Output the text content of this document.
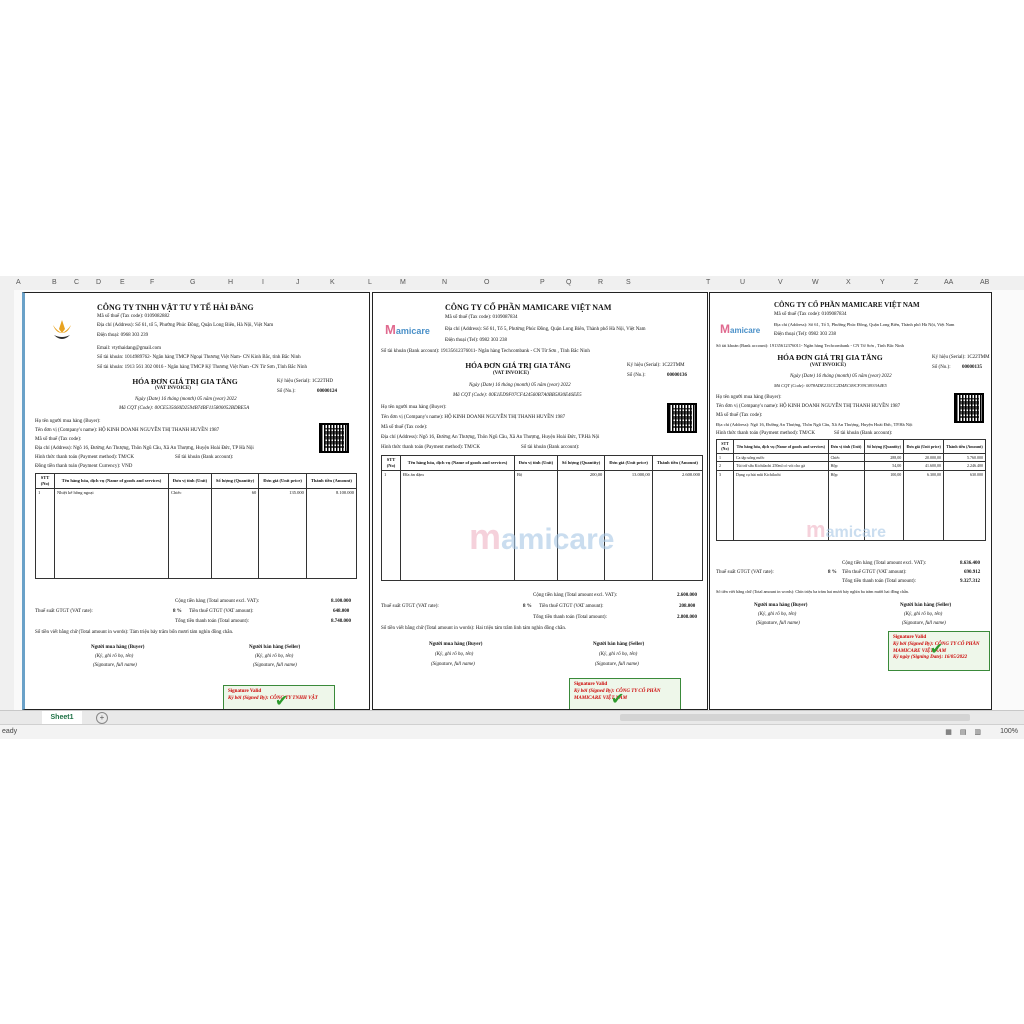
A	B C D	E	F	G	H	I	J	K	L	M	N	O	P	Q	R	S	T	U	V	W	X	Y	Z	AA	AB
CÔNG TY TNHH VẬT TƯ Y TẾ HẢI ĐĂNG
Mã số thuế (Tax code): 0109082882
Địa chỉ (Address): Số 61, tổ 5, Phường Phúc Đồng, Quận Long Biên, Hà Nội, Việt Nam
Điện thoại: 0968 303 239
Email: vtythaidang@gmail.com
Số tài khoản: 1014989762- Ngân hàng TMCP Ngoại Thương Việt Nam- CN Kinh Bắc, tỉnh Bắc Ninh
Số tài khoản: 1913 561 302 0016 - Ngân hàng TMCP Kỹ Thương Việt Nam -CN Từ Sơn ,Tỉnh Bắc Ninh
HÓA ĐƠN GIÁ TRỊ GIA TĂNG
(VAT INVOICE)
Ký hiệu (Serial): 1C22THD
Số (No.):	00000124
Ngày (Date) 16 tháng (month) 05 năm (year) 2022
Mã CQT (Code): 00CE535660D2594B74BF115800052BDBE5A
Họ tên người mua hàng (Buyer):
Tên đơn vị (Company's name): HỘ KINH DOANH NGUYỄN THỊ THANH HUYỀN 1987
Mã số thuế (Tax code):
Địa chỉ (Address): Ngõ 16, Đường An Thượng, Thôn Ngũ Cầu, Xã An Thượng, Huyện Hoài Đức, TP Hà Nội
Hình thức thanh toán (Payment method): TM/CK	Số tài khoản (Bank account):
Đồng tiền thanh toán (Payment Currency): VND
STT (No)	Tên hàng hóa, dịch vụ (Name of goods and services)	Đơn vị tính (Unit)	Số lượng (Quantity)	Đơn giá (Unit price)	Thành tiền (Amount)
1	Nhiệt kế hồng ngoại	Chiếc	60	135.000	8.100.000
Cộng tiền hàng (Total amount excl. VAT):	8.100.000
Thuế suất GTGT (VAT rate):	8 % Tiền thuế GTGT (VAT amount):	648.000
Tổng tiền thanh toán (Total amount):	8.748.000
Số tiền viết bằng chữ (Total amount in words): Tám triệu bảy trăm bốn mươi tám nghìn đồng chẵn.
Người mua hàng (Buyer)
(Ký, ghi rõ họ, tên)
(Signature, full name)
Người bán hàng (Seller)
(Ký, ghi rõ họ, tên)
(Signature, full name)
Signature Valid
Ký bởi (Signed By): CÔNG TY TNHH VẬT
✔
Mamicare
CÔNG TY CỔ PHẦN MAMICARE VIỆT NAM
Mã số thuế (Tax code): 0109087834
Địa chỉ (Address): Số 61, Tổ 5, Phường Phúc Đồng, Quận Long Biên, Thành phố Hà Nội, Việt Nam
Điện thoại (Tel): 0982 303 238
Số tài khoản (Bank account): 19135612376011- Ngân hàng Techcombank - CN Từ Sơn , Tỉnh Bắc Ninh
HÓA ĐƠN GIÁ TRỊ GIA TĂNG
(VAT INVOICE)
Ký hiệu (Serial): 1C22TMM
Số (No.):	00000136
Ngày (Date) 16 tháng (month) 05 năm (year) 2022
Mã CQT (Code): 00E1ED9F07CF424560B7A0BB5830E46EE5
Họ tên người mua hàng (Buyer):
Tên đơn vị (Company's name): HỘ KINH DOANH NGUYỄN THỊ THANH HUYỀN 1987
Mã số thuế (Tax code):
Địa chỉ (Address): Ngõ 16, Đường An Thượng, Thôn Ngũ Cầu, Xã An Thượng, Huyện Hoài Đức, TP.Hà Nội
Hình thức thanh toán (Payment method): TM/CK	Số tài khoản (Bank account):
STT (No)	Tên hàng hóa, dịch vụ (Name of goods and services)	Đơn vị tính (Unit)	Số lượng (Quantity)	Đơn giá (Unit price)	Thành tiền (Amount)
1	Đĩa ăn dặm	Bộ	200,00	13.000,00	2.600.000
mamicare
Cộng tiền hàng (Total amount excl. VAT):	2.600.000
Thuế suất GTGT (VAT rate):	8 % Tiền thuế GTGT (VAT amount):	208.000
Tổng tiền thanh toán (Total amount):	2.808.000
Số tiền viết bằng chữ (Total amount in words): Hai triệu tám trăm linh tám nghìn đồng chẵn.
Người mua hàng (Buyer)
(Ký, ghi rõ họ, tên)
(Signature, full name)
Người bán hàng (Seller)
(Ký, ghi rõ họ, tên)
(Signature, full name)
Signature Valid
Ký bởi (Signed By): CÔNG TY CỔ PHẦN MAMICARE VIỆT NAM
✔
Mamicare
CÔNG TY CỔ PHẦN MAMICARE VIỆT NAM
Mã số thuế (Tax code): 0109087834
Địa chỉ (Address): Số 61, Tổ 5, Phường Phúc Đồng, Quận Long Biên, Thành phố Hà Nội, Việt Nam
Điện thoại (Tel): 0982 303 238
Số tài khoản (Bank account): 19135612376011- Ngân hàng Techcombank - CN Từ Sơn , Tỉnh Bắc Ninh
HÓA ĐƠN GIÁ TRỊ GIA TĂNG
(VAT INVOICE)
Ký hiệu (Serial): 1C22TMM
Số (No.): 00000135
Ngày (Date) 16 tháng (month) 05 năm (year) 2022
Mã CQT (Code): 0078ADE215CC2D4EC09CF39C0933A4E5
Họ tên người mua hàng (Buyer):
Tên đơn vị (Company's name): HỘ KINH DOANH NGUYỄN THỊ THANH HUYỀN 1987
Mã số thuế (Tax code):
Địa chỉ (Address): Ngõ 16, Đường An Thượng, Thôn Ngũ Cầu, Xã An Thượng, Huyện Hoài Đức, TP.Hà Nội
Hình thức thanh toán (Payment method): TM/CK	Số tài khoản (Bank account):
STT (No)	Tên hàng hóa, dịch vụ (Name of goods and services)	Đơn vị tính (Unit)	Số lượng (Quantity)	Đơn giá (Unit price)	Thành tiền (Amount)
1	Ca tập uống nước	Chiếc	288,00	20.000,00	5.760.000
2	Túi trữ sữa Kichilachi 250ml có vòi cho gà	Hộp	54,00	41.600,00	2.246.400
3	Dụng cụ hút mũi Kichilachi	Hộp	100,00	6.300,00	630.000
mamicare
Cộng tiền hàng (Total amount excl. VAT):	8.636.400
Thuế suất GTGT (VAT rate):	8 % Tiền thuế GTGT (VAT amount):	690.912
Tổng tiền thanh toán (Total amount):	9.327.312
Số tiền viết bằng chữ (Total amount in words): Chín triệu ba trăm hai mươi bảy nghìn ba trăm mười hai đồng chẵn.
Người mua hàng (Buyer)
(Ký, ghi rõ họ, tên)
(Signature, full name)
Người bán hàng (Seller)
(Ký, ghi rõ họ, tên)
(Signature, full name)
Signature Valid
Ký bởi (Signed By): CÔNG TY CỔ PHẦN MAMICARE VIỆT NAM
Ký ngày (Signing Date): 16/05/2022
✔
Sheet1	+
eady	▦ ▤ ▥ 100%
